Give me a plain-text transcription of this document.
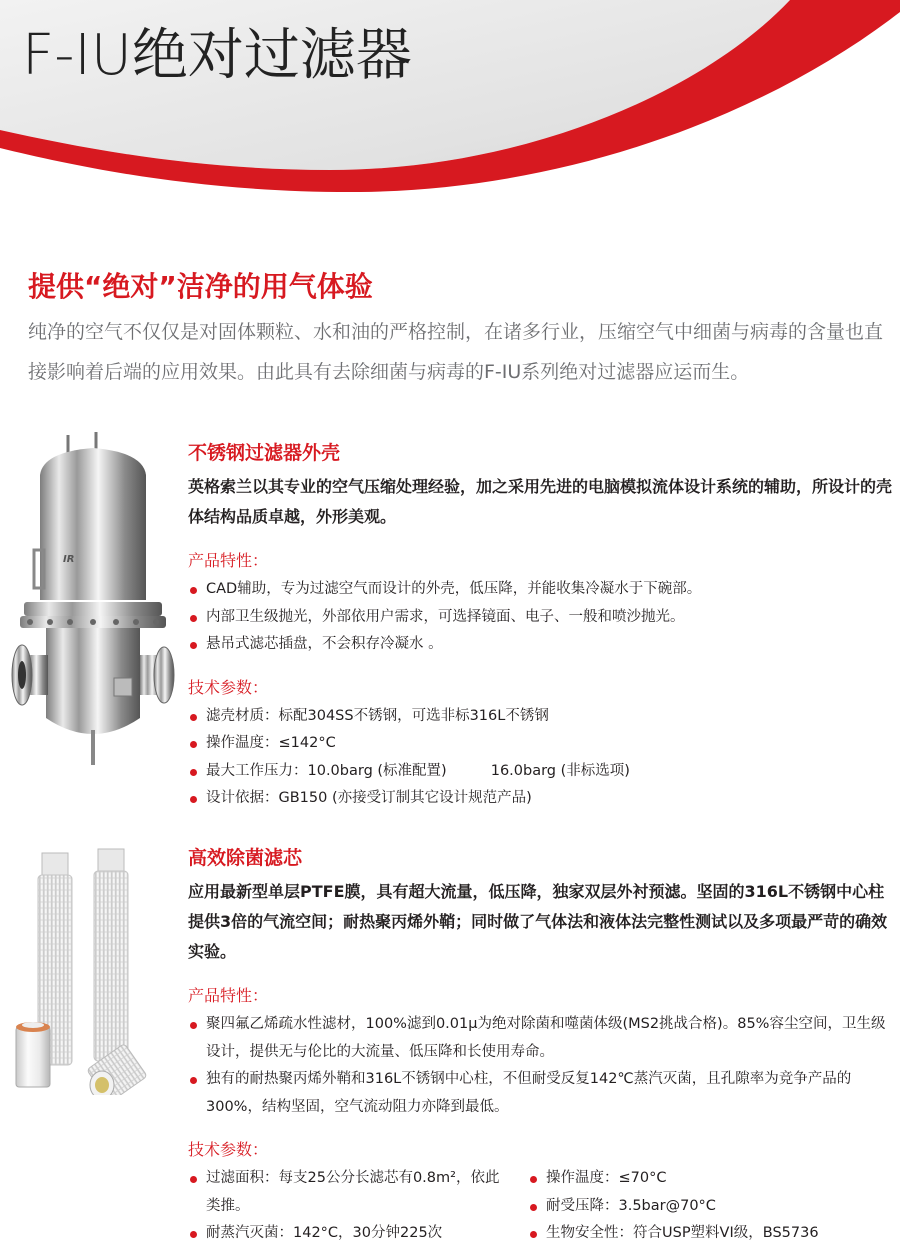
F-IU绝对过滤器
提供“绝对”洁净的用气体验
纯净的空气不仅仅是对固体颗粒、水和油的严格控制，在诸多行业，压缩空气中细菌与病毒的含量也直接影响着后端的应用效果。由此具有去除细菌与病毒的F-IU系列绝对过滤器应运而生。
IR
不锈钢过滤器外壳
英格索兰以其专业的空气压缩处理经验，加之采用先进的电脑模拟流体设计系统的辅助，所设计的壳体结构品质卓越，外形美观。
产品特性：
CAD辅助，专为过滤空气而设计的外壳，低压降，并能收集冷凝水于下碗部。
内部卫生级抛光，外部依用户需求，可选择镜面、电子、一般和喷沙抛光。
悬吊式滤芯插盘，不会积存冷凝水 。
技术参数：
滤壳材质：标配304SS不锈钢，可选非标316L不锈钢
操作温度：≤142°C
最大工作压力：10.0barg (标准配置)	16.0barg (非标选项)
设计依据：GB150 (亦接受订制其它设计规范产品)
高效除菌滤芯
应用最新型单层PTFE膜，具有超大流量，低压降，独家双层外衬预滤。坚固的316L不锈钢中心柱提供3倍的气流空间；耐热聚丙烯外鞘；同时做了气体法和液体法完整性测试以及多项最严苛的确效实验。
产品特性：
聚四氟乙烯疏水性滤材，100%滤到0.01μ为绝对除菌和噬菌体级(MS2挑战合格)。85%容尘空间，卫生级设计，提供无与伦比的大流量、低压降和长使用寿命。
独有的耐热聚丙烯外鞘和316L不锈钢中心柱，不但耐受反复142℃蒸汽灭菌，且孔隙率为竞争产品的300%，结构坚固，空气流动阻力亦降到最低。
技术参数：
过滤面积：每支25公分长滤芯有0.8m²，依此类推。
耐蒸汽灭菌：142°C，30分钟225次
操作温度：≤70°C
耐受压降：3.5bar@70°C
生物安全性：符合USP塑料VI级，BS5736
